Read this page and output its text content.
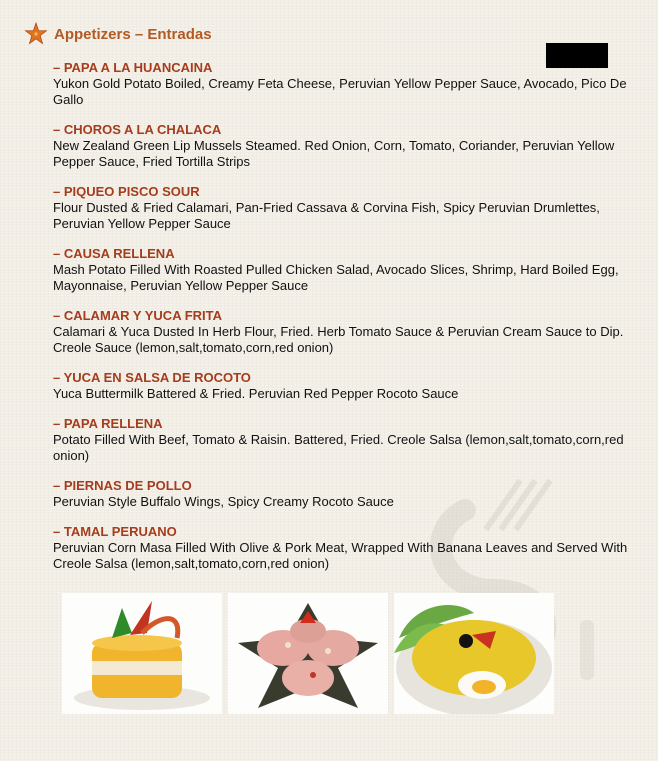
Appetizers – Entradas
– PAPA A LA HUANCAINA
Yukon Gold Potato Boiled, Creamy Feta Cheese, Peruvian Yellow Pepper Sauce, Avocado, Pico De Gallo
– CHOROS A LA CHALACA
New Zealand Green Lip Mussels Steamed. Red Onion, Corn, Tomato, Coriander, Peruvian Yellow Pepper Sauce, Fried Tortilla Strips
– PIQUEO PISCO SOUR
Flour Dusted & Fried Calamari, Pan-Fried Cassava & Corvina Fish, Spicy Peruvian Drumlettes, Peruvian Yellow Pepper Sauce
– CAUSA RELLENA
Mash Potato Filled With Roasted Pulled Chicken Salad, Avocado Slices, Shrimp, Hard Boiled Egg, Mayonnaise, Peruvian Yellow Pepper Sauce
– CALAMAR Y YUCA FRITA
Calamari & Yuca Dusted In Herb Flour, Fried. Herb Tomato Sauce & Peruvian Cream Sauce to Dip. Creole Sauce (lemon,salt,tomato,corn,red onion)
– YUCA EN SALSA DE ROCOTO
Yuca Buttermilk Battered & Fried. Peruvian Red Pepper Rocoto Sauce
– PAPA RELLENA
Potato Filled With Beef, Tomato & Raisin. Battered, Fried. Creole Salsa (lemon,salt,tomato,corn,red onion)
– PIERNAS DE POLLO
Peruvian Style Buffalo Wings, Spicy Creamy Rocoto Sauce
– TAMAL PERUANO
Peruvian Corn Masa Filled With Olive & Pork Meat, Wrapped With Banana Leaves and Served With Creole Salsa (lemon,salt,tomato,corn,red onion)
